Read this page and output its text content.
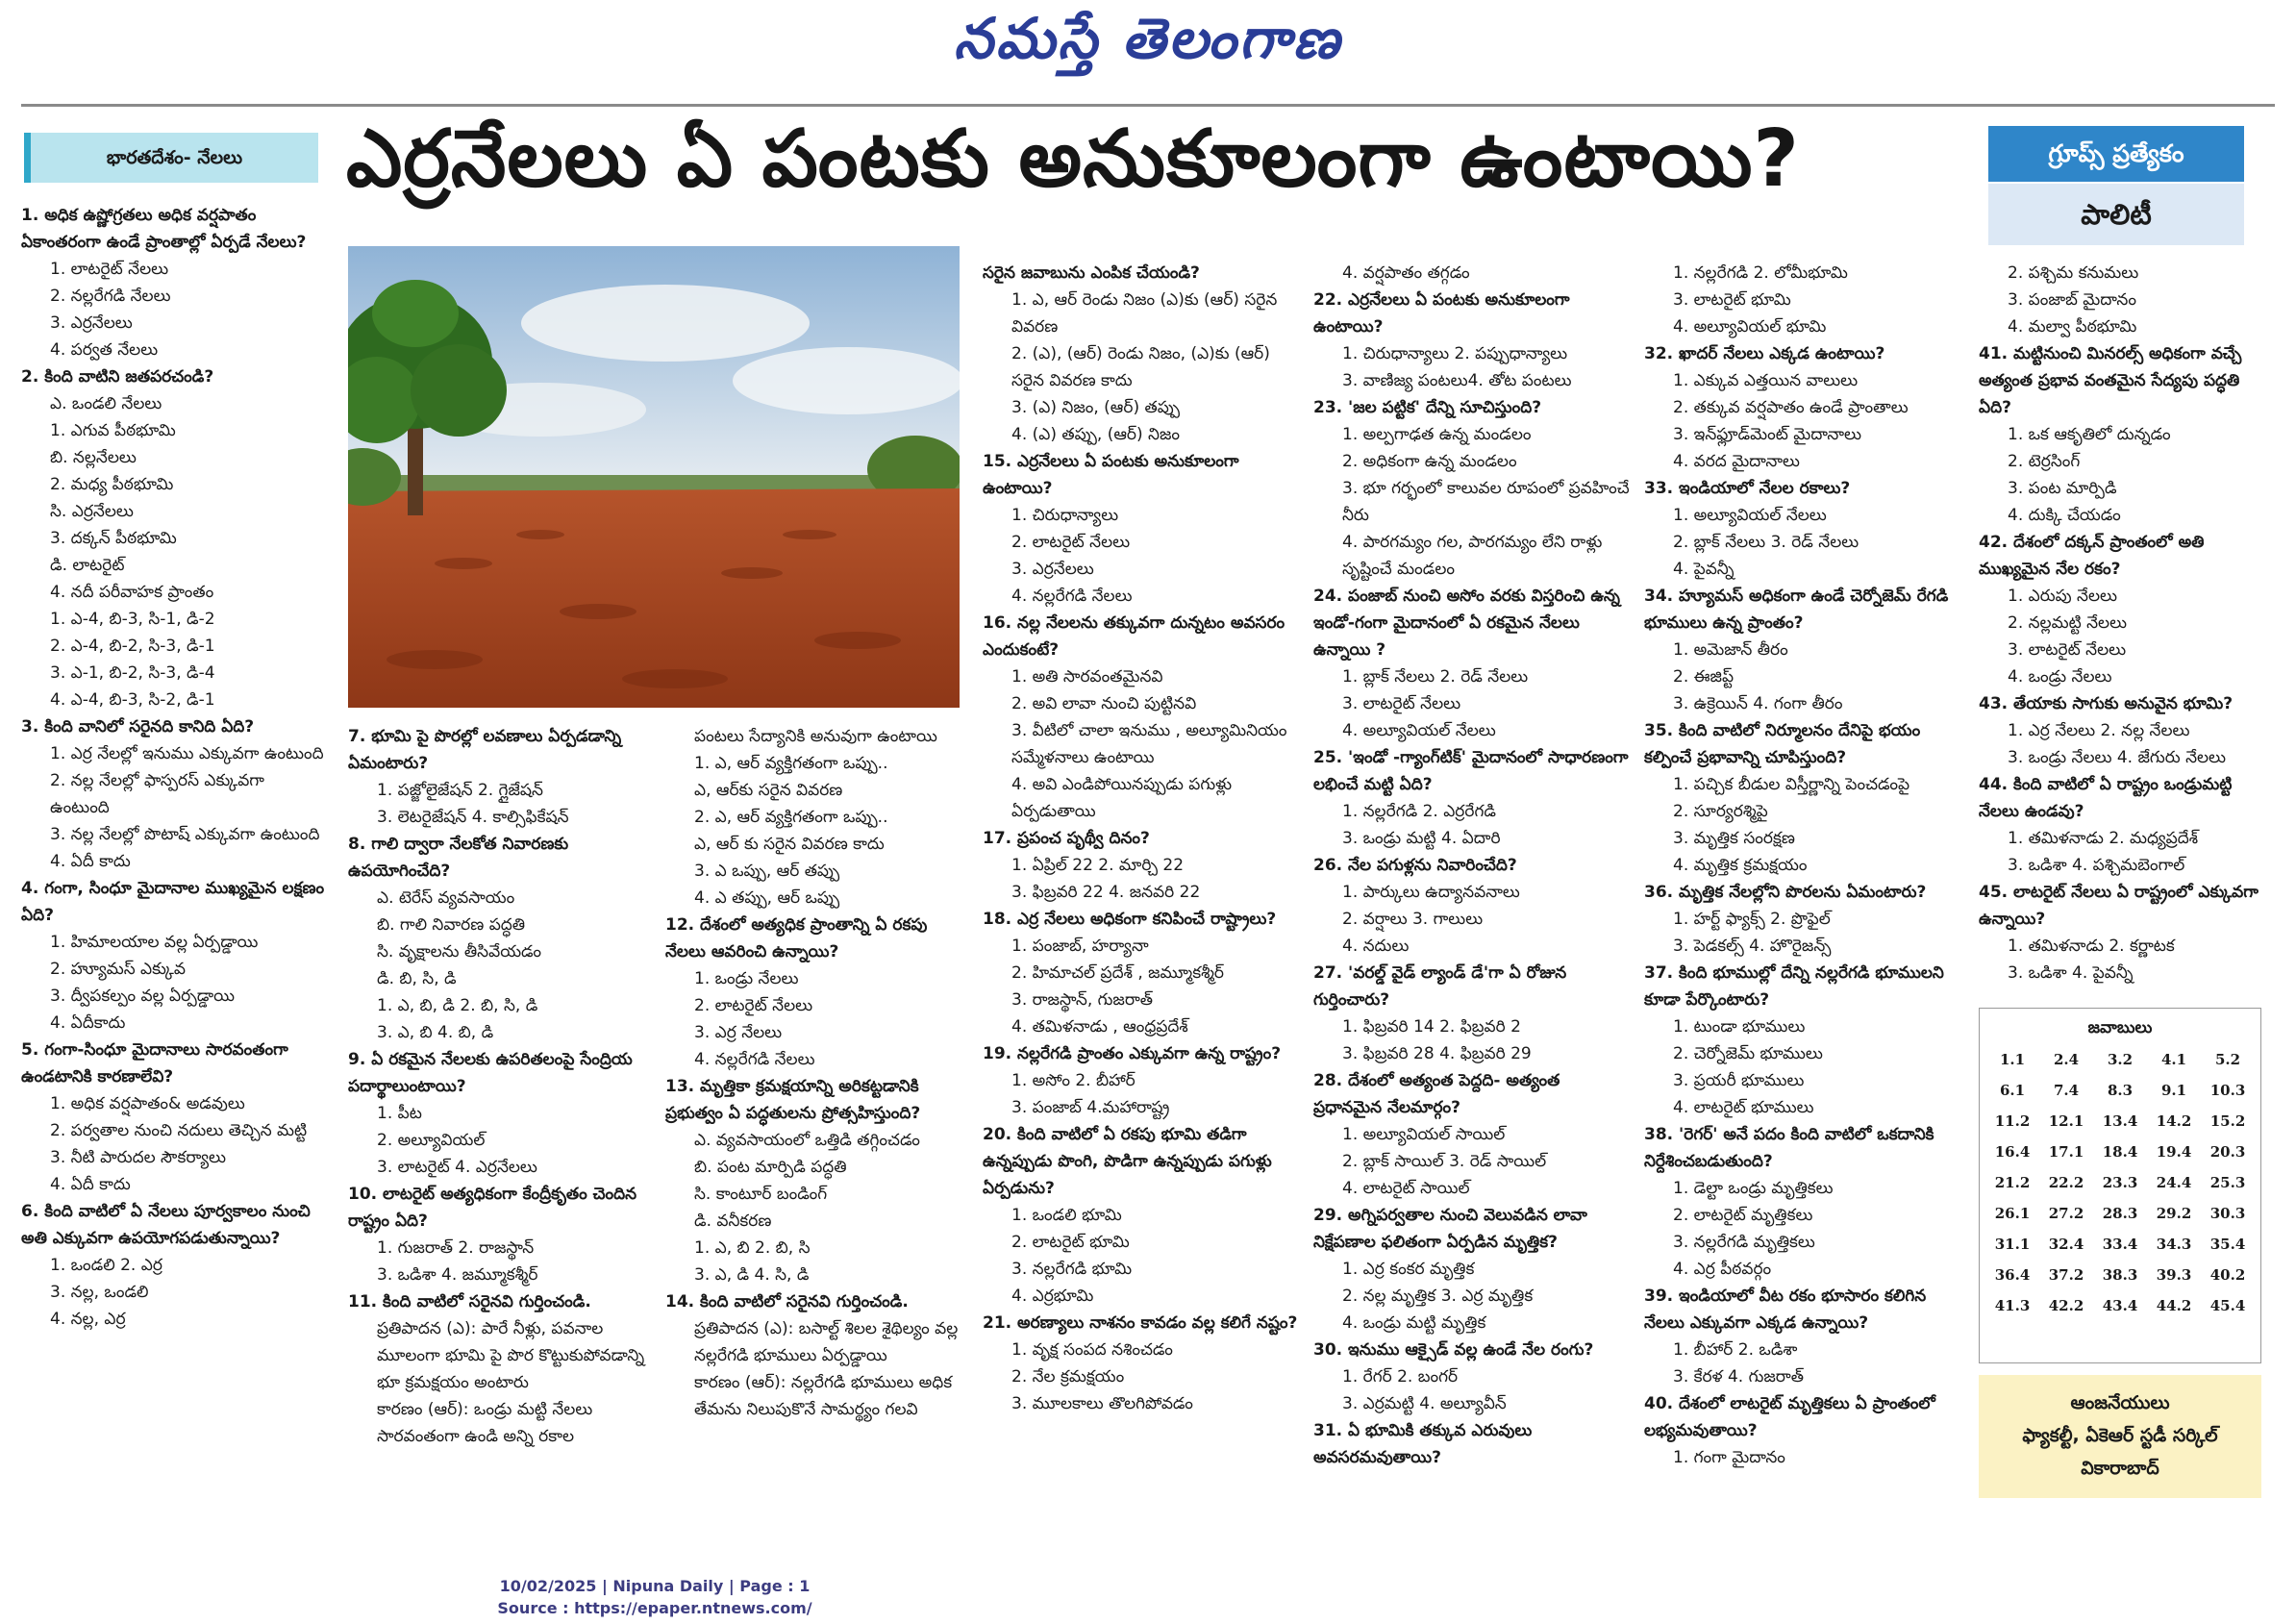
నమస్తే తెలంగాణ
భారతదేశం- నేలలు	ఎర్రనేలలు ఏ పంటకు అనుకూలంగా ఉంటాయి?	గ్రూప్స్ ప్రత్యేకం
పాలిటీ
1. అధిక ఉష్ణోగ్రతలు అధిక వర్షపాతం ఏకాంతరంగా ఉండే ప్రాంతాల్లో ఏర్పడే నేలలు?
1. లాటరైట్ నేలలు
2. నల్లరేగడి నేలలు
3. ఎర్రనేలలు
4. పర్వత నేలలు
2. కింది వాటిని జతపరచండి?
ఎ. ఒండలి నేలలు
1. ఎగువ పీఠభూమి
బి. నల్లనేలలు
2. మధ్య పీఠభూమి
సి. ఎర్రనేలలు
3. దక్కన్ పీఠభూమి
డి. లాటరైట్
4. నదీ పరీవాహక ప్రాంతం
1. ఎ-4, బి-3, సి-1, డి-2
2. ఎ-4, బి-2, సి-3, డి-1
3. ఎ-1, బి-2, సి-3, డి-4
4. ఎ-4, బి-3, సి-2, డి-1
3. కింది వానిలో సరైనది కానిది ఏది?
1. ఎర్ర నేలల్లో ఇనుము ఎక్కువగా ఉంటుంది
2. నల్ల నేలల్లో ఫాస్పరస్ ఎక్కువగా ఉంటుంది
3. నల్ల నేలల్లో పొటాష్ ఎక్కువగా ఉంటుంది
4. ఏదీ కాదు
4. గంగా, సింధూ మైదానాల ముఖ్యమైన లక్షణం ఏది?
1. హిమాలయాల వల్ల ఏర్పడ్డాయి
2. హ్యూమస్ ఎక్కువ
3. ద్వీపకల్పం వల్ల ఏర్పడ్డాయి
4. ఏదీకాదు
5. గంగా-సింధూ మైదానాలు సారవంతంగా ఉండటానికి కారణాలేవి?
1. అధిక వర్షపాతం& అడవులు
2. పర్వతాల నుంచి నదులు తెచ్చిన మట్టి
3. నీటి పారుదల సౌకర్యాలు
4. ఏదీ కాదు
6. కింది వాటిలో ఏ నేలలు పూర్వకాలం నుంచి అతి ఎక్కువగా ఉపయోగపడుతున్నాయి?
1. ఒండలి 2. ఎర్ర
3. నల్ల, ఒండలి
4. నల్ల, ఎర్ర
7. భూమి పై పొరల్లో లవణాలు ఏర్పడడాన్ని ఏమంటారు?
1. పజ్జోలైజేషన్ 2. గ్లైజేషన్
3. లెటరైజేషన్ 4. కాల్సిఫికేషన్
8. గాలి ద్వారా నేలకోత నివారణకు ఉపయోగించేది?
ఎ. టెరేస్ వ్యవసాయం
బి. గాలి నివారణ పద్ధతి
సి. వృక్షాలను తీసివేయడం
డి. బి, సి, డి
1. ఎ, బి, డి 2. బి, సి, డి
3. ఎ, బి 4. బి, డి
9. ఏ రకమైన నేలలకు ఉపరితలంపై సేంద్రియ పదార్థాలుంటాయి?
1. పీట
2. అల్యూవియల్
3. లాటరైట్ 4. ఎర్రనేలలు
10. లాటరైట్ అత్యధికంగా కేంద్రీకృతం చెందిన రాష్ట్రం ఏది?
1. గుజరాత్ 2. రాజస్థాన్
3. ఒడిశా 4. జమ్మూకశ్మీర్
11. కింది వాటిలో సరైనవి గుర్తించండి.
ప్రతిపాదన (ఎ): పారే నీళ్లు, పవనాల మూలంగా భూమి పై పొర కొట్టుకుపోవడాన్ని భూ క్రమక్షయం అంటారు
కారణం (ఆర్): ఒండ్రు మట్టి నేలలు సారవంతంగా ఉండి అన్ని రకాల
పంటలు సేద్యానికి అనువుగా ఉంటాయి
1. ఎ, ఆర్ వ్యక్తిగతంగా ఒప్పు..
ఎ, ఆర్‌కు సరైన వివరణ
2. ఎ, ఆర్ వ్యక్తిగతంగా ఒప్పు..
ఎ, ఆర్ కు సరైన వివరణ కాదు
3. ఎ ఒప్పు, ఆర్ తప్పు
4. ఎ తప్పు, ఆర్ ఒప్పు
12. దేశంలో అత్యధిక ప్రాంతాన్ని ఏ రకపు నేలలు ఆవరించి ఉన్నాయి?
1. ఒండ్రు నేలలు
2. లాటరైట్ నేలలు
3. ఎర్ర నేలలు
4. నల్లరేగడి నేలలు
13. మృత్తికా క్రమక్షయాన్ని అరికట్టడానికి ప్రభుత్వం ఏ పద్ధతులను ప్రోత్సహిస్తుంది?
ఎ. వ్యవసాయంలో ఒత్తిడి తగ్గించడం
బి. పంట మార్పిడి పద్ధతి
సి. కాంటూర్ బండింగ్
డి. వనీకరణ
1. ఎ, బి 2. బి, సి
3. ఎ, డి 4. సి, డి
14. కింది వాటిలో సరైనవి గుర్తించండి.
ప్రతిపాదన (ఎ): బసాల్ట్ శిలల శైథిల్యం వల్ల నల్లరేగడి భూములు ఏర్పడ్డాయి
కారణం (ఆర్): నల్లరేగడి భూములు అధిక తేమను నిలుపుకొనే సామర్థ్యం గలవి
సరైన జవాబును ఎంపిక చేయండి?
1. ఎ, ఆర్ రెండు నిజం (ఎ)కు (ఆర్) సరైన వివరణ
2. (ఎ), (ఆర్) రెండు నిజం, (ఎ)కు (ఆర్) సరైన వివరణ కాదు
3. (ఎ) నిజం, (ఆర్) తప్పు
4. (ఎ) తప్పు, (ఆర్) నిజం
15. ఎర్రనేలలు ఏ పంటకు అనుకూలంగా ఉంటాయి?
1. చిరుధాన్యాలు
2. లాటరైట్ నేలలు
3. ఎర్రనేలలు
4. నల్లరేగడి నేలలు
16. నల్ల నేలలను తక్కువగా దున్నటం అవసరం ఎందుకంటే?
1. అతి సారవంతమైనవి
2. అవి లావా నుంచి పుట్టినవి
3. వీటిలో చాలా ఇనుము , అల్యూమినియం సమ్మేళనాలు ఉంటాయి
4. అవి ఎండిపోయినప్పుడు పగుళ్లు ఏర్పడుతాయి
17. ప్రపంచ పృథ్వీ దినం?
1. ఏప్రిల్ 22 2. మార్చి 22
3. ఫిబ్రవరి 22 4. జనవరి 22
18. ఎర్ర నేలలు అధికంగా కనిపించే రాష్ట్రాలు?
1. పంజాబ్, హర్యానా
2. హిమాచల్ ప్రదేశ్ , జమ్మూకశ్మీర్
3. రాజస్థాన్, గుజరాత్
4. తమిళనాడు , ఆంధ్రప్రదేశ్
19. నల్లరేగడి ప్రాంతం ఎక్కువగా ఉన్న రాష్ట్రం?
1. అసోం 2. బీహార్
3. పంజాబ్ 4.మహారాష్ట్ర
20. కింది వాటిలో ఏ రకపు భూమి తడిగా ఉన్నప్పుడు పొంగి, పొడిగా ఉన్నప్పుడు పగుళ్లు ఏర్పడును?
1. ఒండలి భూమి
2. లాటరైట్ భూమి
3. నల్లరేగడి భూమి
4. ఎర్రభూమి
21. అరణ్యాలు నాశనం కావడం వల్ల కలిగే నష్టం?
1. వృక్ష సంపద నశించడం
2. నేల క్రమక్షయం
3. మూలకాలు తొలగిపోవడం
4. వర్షపాతం తగ్గడం
22. ఎర్రనేలలు ఏ పంటకు అనుకూలంగా ఉంటాయి?
1. చిరుధాన్యాలు 2. పప్పుధాన్యాలు
3. వాణిజ్య పంటలు4. తోట పంటలు
23. 'జల పట్టిక' దేన్ని సూచిస్తుంది?
1. అల్పగాఢత ఉన్న మండలం
2. అధికంగా ఉన్న మండలం
3. భూ గర్భంలో కాలువల రూపంలో ప్రవహించే నీరు
4. పారగమ్యం గల, పారగమ్యం లేని రాళ్లు సృష్టించే మండలం
24. పంజాబ్ నుంచి అసోం వరకు విస్తరించి ఉన్న ఇండో-గంగా మైదానంలో ఏ రకమైన నేలలు ఉన్నాయి ?
1. బ్లాక్ నేలలు 2. రెడ్ నేలలు
3. లాటరైట్ నేలలు
4. అల్యూవియల్ నేలలు
25. 'ఇండో -గ్యాంగ్‌టిక్' మైదానంలో సాధారణంగా లభించే మట్టి ఏది?
1. నల్లరేగడి 2. ఎర్రరేగడి
3. ఒండ్రు మట్టి 4. ఏదారి
26. నేల పగుళ్లను నివారించేది?
1. పార్కులు ఉద్యానవనాలు
2. వర్షాలు 3. గాలులు
4. నదులు
27. 'వరల్డ్ వైడ్ ల్యాండ్ డే'గా ఏ రోజున గుర్తించారు?
1. ఫిబ్రవరి 14 2. ఫిబ్రవరి 2
3. ఫిబ్రవరి 28 4. ఫిబ్రవరి 29
28. దేశంలో అత్యంత పెద్దది- అత్యంత ప్రధానమైన నేలమార్గం?
1. అల్యూవియల్ సాయిల్
2. బ్లాక్ సాయిల్ 3. రెడ్ సాయిల్
4. లాటరైట్ సాయిల్
29. అగ్నిపర్వతాల నుంచి వెలువడిన లావా నిక్షేపణాల ఫలితంగా ఏర్పడిన మృత్తిక?
1. ఎర్ర కంకర మృత్తిక
2. నల్ల మృత్తిక 3. ఎర్ర మృత్తిక
4. ఒండ్రు మట్టి మృత్తిక
30. ఇనుము ఆక్సైడ్ వల్ల ఉండే నేల రంగు?
1. రేగర్ 2. బంగర్
3. ఎర్రమట్టి 4. అల్యూవీన్
31. ఏ భూమికి తక్కువ ఎరువులు అవసరమవుతాయి?
1. నల్లరేగడి 2. లోమీభూమి
3. లాటరైట్ భూమి
4. అల్యూవియల్ భూమి
32. ఖాదర్ నేలలు ఎక్కడ ఉంటాయి?
1. ఎక్కువ ఎత్తయిన వాలులు
2. తక్కువ వర్షపాతం ఉండే ప్రాంతాలు
3. ఇన్‌ఫ్లూడ్‌మెంట్ మైదానాలు
4. వరద మైదానాలు
33. ఇండియాలో నేలల రకాలు?
1. అల్యూవియల్ నేలలు
2. బ్లాక్ నేలలు 3. రెడ్ నేలలు
4. పైవన్నీ
34. హ్యూమస్ అధికంగా ఉండే చెర్నోజెమ్ రేగడి భూములు ఉన్న ప్రాంతం?
1. అమెజాన్ తీరం
2. ఈజిప్ట్
3. ఉక్రెయిన్ 4. గంగా తీరం
35. కింది వాటిలో నిర్మూలనం దేనిపై భయం కల్పించే ప్రభావాన్ని చూపిస్తుంది?
1. పచ్చిక బీడుల విస్తీర్ణాన్ని పెంచడంపై
2. సూర్యరశ్మిపై
3. మృత్తిక సంరక్షణ
4. మృత్తిక క్రమక్షయం
36. మృత్తిక నేలల్లోని పొరలను ఏమంటారు?
1. హర్ట్ ఫ్యాక్స్ 2. ప్రొఫైల్
3. పెడకల్స్ 4. హొరైజన్స్
37. కింది భూముల్లో దేన్ని నల్లరేగడి భూములని కూడా పేర్కొంటారు?
1. టుండా భూములు
2. చెర్నోజెమ్ భూములు
3. ప్రయరీ భూములు
4. లాటరైట్ భూములు
38. 'రెగర్' అనే పదం కింది వాటిలో ఒకదానికి నిర్దేశించబడుతుంది?
1. డెల్టా ఒండ్రు మృత్తికలు
2. లాటరైట్ మృత్తికలు
3. నల్లరేగడి మృత్తికలు
4. ఎర్ర పీఠవర్గం
39. ఇండియాలో వీట రకం భూసారం కలిగిన నేలలు ఎక్కువగా ఎక్కడ ఉన్నాయి?
1. బీహార్ 2. ఒడిశా
3. కేరళ 4. గుజరాత్
40. దేశంలో లాటరైట్ మృత్తికలు ఏ ప్రాంతంలో లభ్యమవుతాయి?
1. గంగా మైదానం
2. పశ్చిమ కనుమలు
3. పంజాబ్ మైదానం
4. మల్వా పీఠభూమి
41. మట్టినుంచి మినరల్స్ అధికంగా వచ్చే అత్యంత ప్రభావ వంతమైన సేద్యపు పద్ధతి ఏది?
1. ఒక ఆకృతిలో దున్నడం
2. టెర్రసింగ్
3. పంట మార్పిడి
4. దుక్కి చేయడం
42. దేశంలో దక్కన్ ప్రాంతంలో అతి ముఖ్యమైన నేల రకం?
1. ఎరుపు నేలలు
2. నల్లమట్టి నేలలు
3. లాటరైట్ నేలలు
4. ఒండ్రు నేలలు
43. తేయాకు సాగుకు అనువైన భూమి?
1. ఎర్ర నేలలు 2. నల్ల నేలలు
3. ఒండ్రు నేలలు 4. జేగురు నేలలు
44. కింది వాటిలో ఏ రాష్ట్రం ఒండ్రుమట్టి నేలలు ఉండవు?
1. తమిళనాడు 2. మధ్యప్రదేశ్
3. ఒడిశా 4. పశ్చిమబెంగాల్
45. లాటరైట్ నేలలు ఏ రాష్ట్రంలో ఎక్కువగా ఉన్నాయి?
1. తమిళనాడు 2. కర్ణాటక
3. ఒడిశా 4. పైవన్నీ
జవాబులు
1.1	2.4	3.2	4.1	5.2
6.1	7.4	8.3	9.1	10.3
11.2	12.1	13.4	14.2	15.2
16.4	17.1	18.4	19.4	20.3
21.2	22.2	23.3	24.4	25.3
26.1	27.2	28.3	29.2	30.3
31.1	32.4	33.4	34.3	35.4
36.4	37.2	38.3	39.3	40.2
41.3	42.2	43.4	44.2	45.4
ఆంజనేయులు
ఫ్యాకల్టీ, ఏకెఆర్ స్టడీ సర్కిల్
వికారాబాద్
10/02/2025 | Nipuna Daily | Page : 1
Source : https://epaper.ntnews.com/
